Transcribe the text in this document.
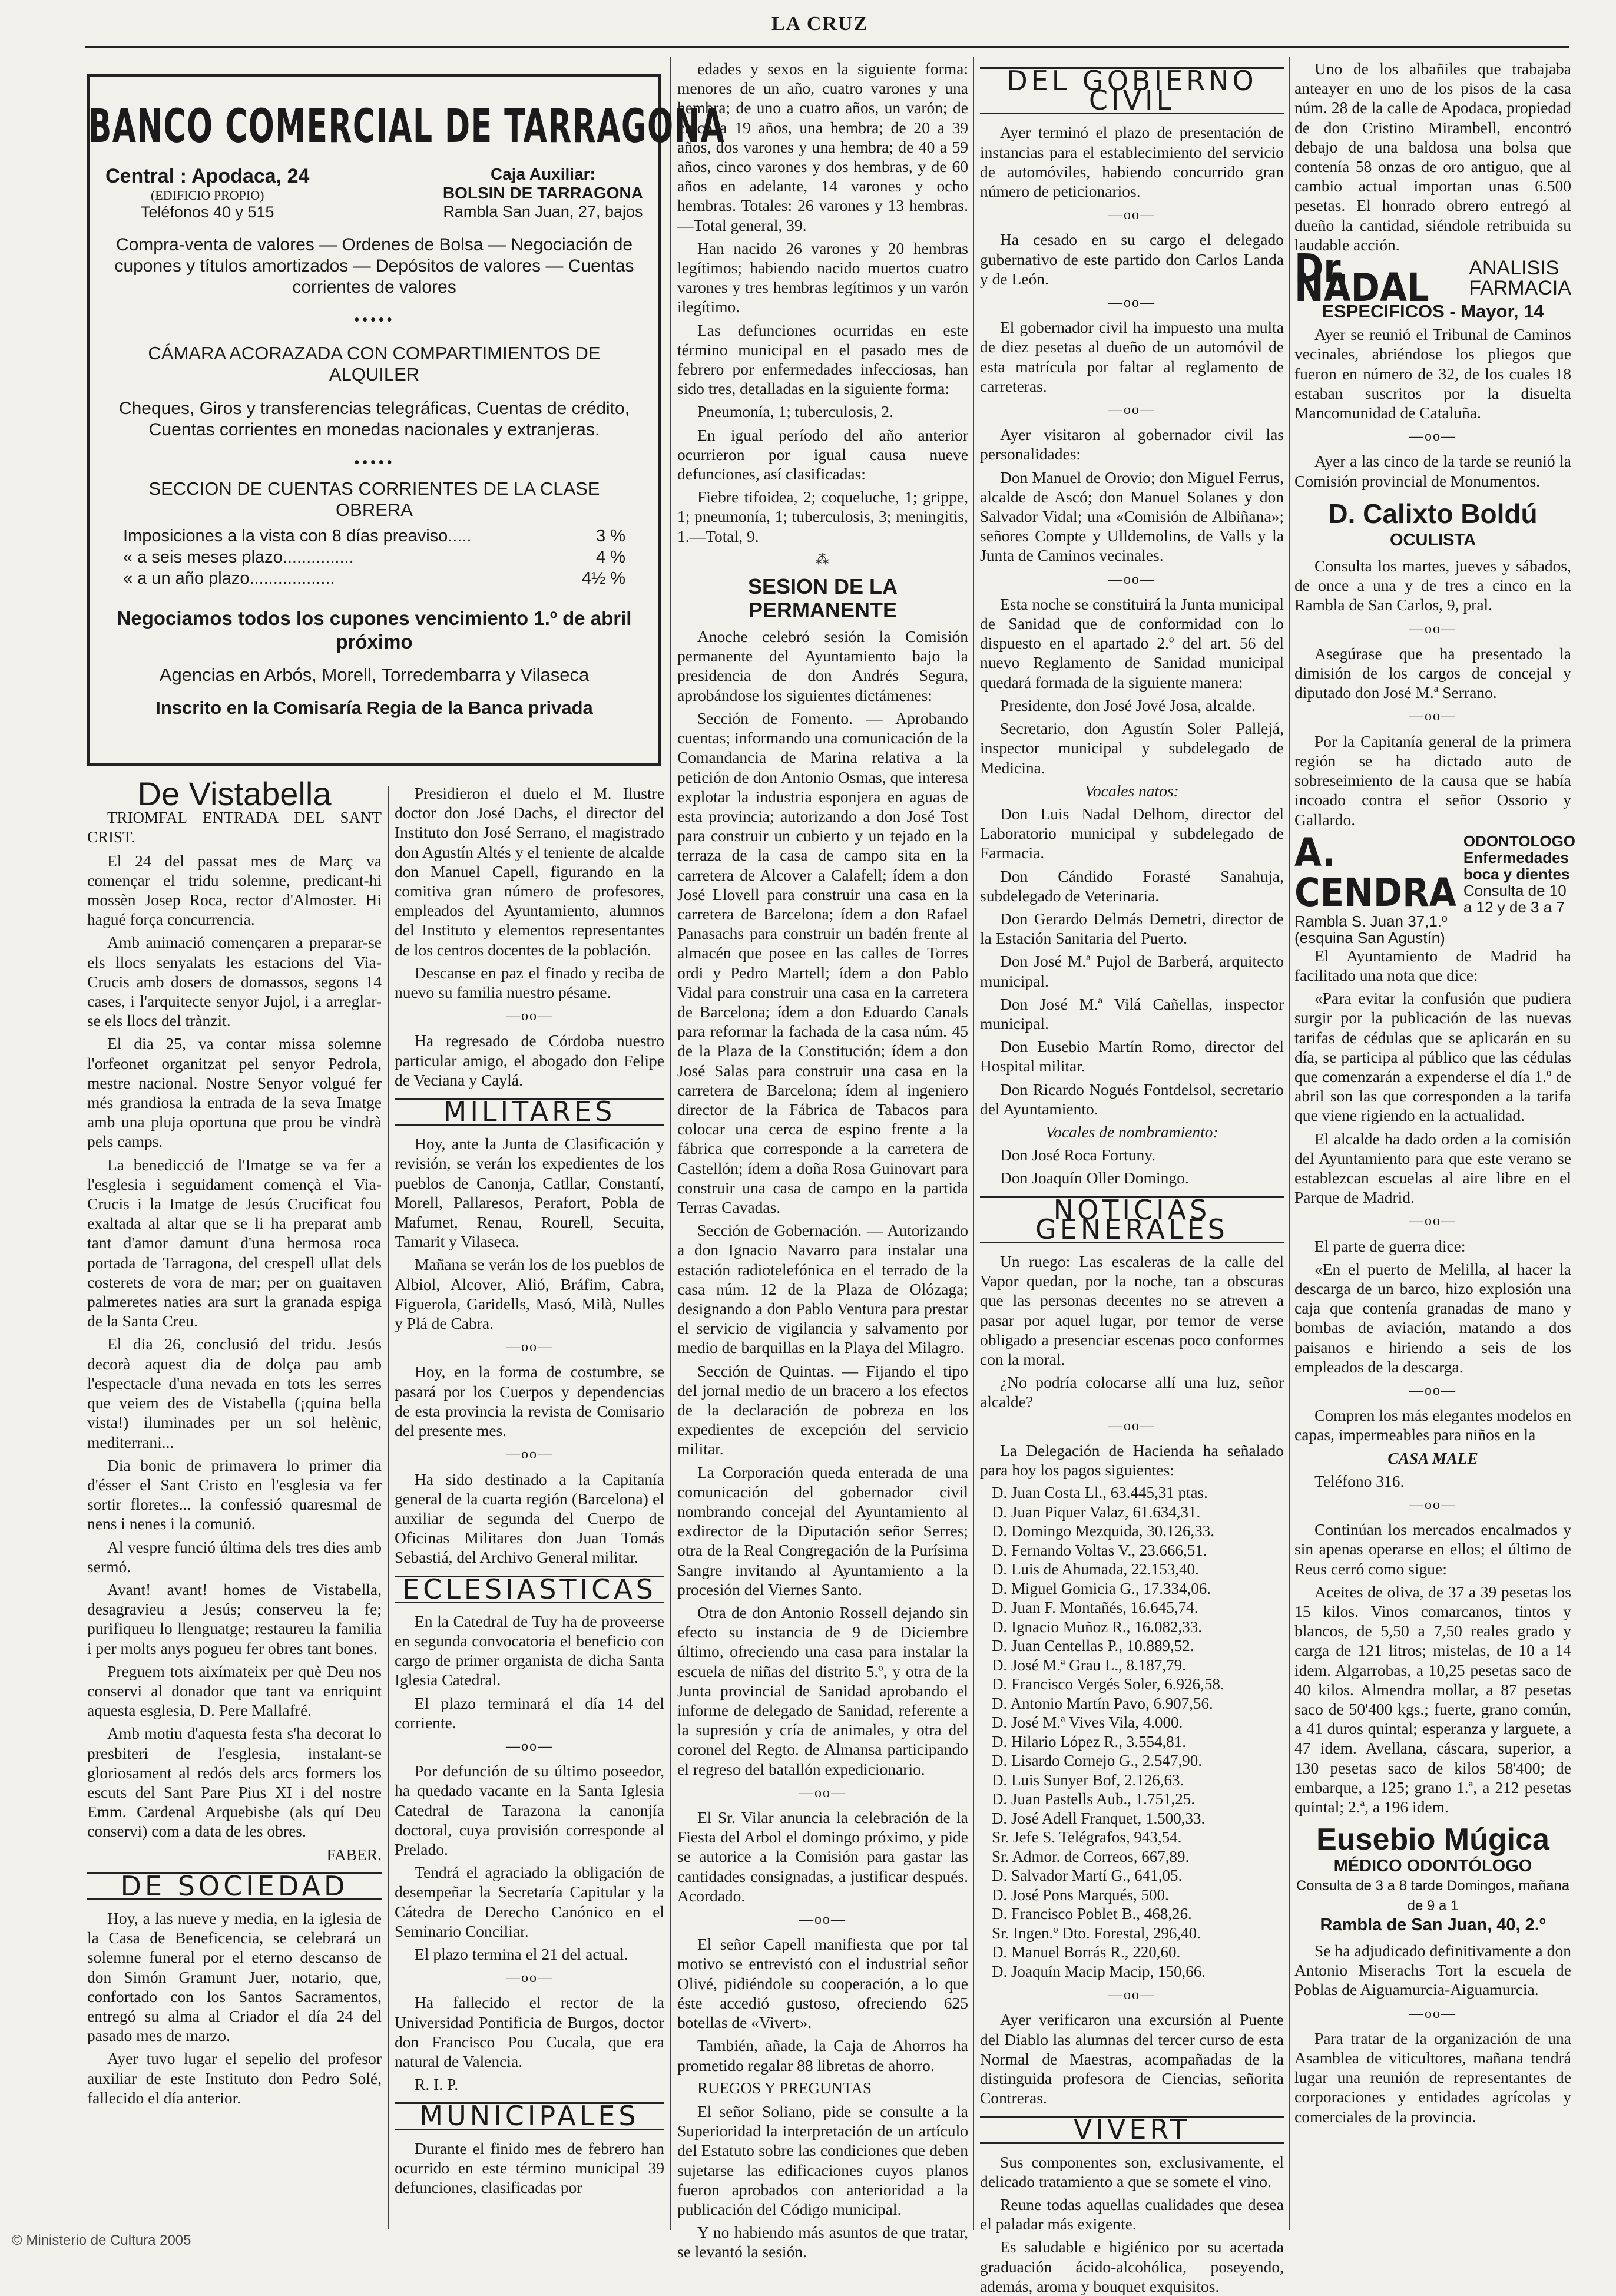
LA CRUZ
BANCO COMERCIAL DE TARRAGONA
Central : Apodaca, 24
(EDIFICIO PROPIO)
Teléfonos 40 y 515
Caja Auxiliar:
BOLSIN DE TARRAGONA
Rambla San Juan, 27, bajos
Compra-venta de valores — Ordenes de Bolsa — Negociación de cupones y títulos amortizados — Depósitos de valores — Cuentas corrientes de valores
•••••
CÁMARA ACORAZADA CON COMPARTIMIENTOS DE ALQUILER
Cheques, Giros y transferencias telegráficas, Cuentas de crédito, Cuentas corrientes en monedas nacionales y extranjeras.
•••••
SECCION DE CUENTAS CORRIENTES DE LA CLASE OBRERA
Imposiciones a la vista con 8 días preaviso.....	3 %
« a seis meses plazo...............	4 %
« a un año plazo..................	4½ %
Negociamos todos los cupones vencimiento 1.º de abril próximo
Agencias en Arbós, Morell, Torredembarra y Vilaseca
Inscrito en la Comisaría Regia de la Banca privada
De Vistabella

TRIOMFAL ENTRADA DEL SANT CRIST.

El 24 del passat mes de Març va començar el tridu solemne, predicant-hi mossèn Josep Roca, rector d'Almoster. Hi hagué força concurrencia.

Amb animació començaren a preparar-se els llocs senyalats les estacions del Via-Crucis amb dosers de domassos, segons 14 cases, i l'arquitecte senyor Jujol, i a arreglar-se els llocs del trànzit.

El dia 25, va contar missa solemne l'orfeonet organitzat pel senyor Pedrola, mestre nacional. Nostre Senyor volgué fer més grandiosa la entrada de la seva Imatge amb una pluja oportuna que prou be vindrà pels camps.

La benedicció de l'Imatge se va fer a l'esglesia i seguidament començà el Via-Crucis i la Imatge de Jesús Crucificat fou exaltada al altar que se li ha preparat amb tant d'amor damunt d'una hermosa roca portada de Tarragona, del crespell ullat dels costerets de vora de mar; per on guaitaven palmeretes naties ara surt la granada espiga de la Santa Creu.

El dia 26, conclusió del tridu. Jesús decorà aquest dia de dolça pau amb l'espectacle d'una nevada en tots les serres que veiem des de Vistabella (¡quina bella vista!) iluminades per un sol helènic, mediterrani...

Dia bonic de primavera lo primer dia d'ésser el Sant Cristo en l'esglesia va fer sortir floretes... la confessió quaresmal de nens i nenes i la comunió.

Al vespre funció última dels tres dies amb sermó.

Avant! avant! homes de Vistabella, desagravieu a Jesús; conserveu la fe; purifiqueu lo llenguatge; restaureu la familia i per molts anys pogueu fer obres tant bones.

Preguem tots aixímateix per què Deu nos conservi al donador que tant va enriquint aquesta esglesia, D. Pere Mallafré.

Amb motiu d'aquesta festa s'ha decorat lo presbiteri de l'esglesia, instalant-se gloriosament al redós dels arcs formers los escuts del Sant Pare Pius XI i del nostre Emm. Cardenal Arquebisbe (als quí Deu conservi) com a data de les obres.

FABER.

DE SOCIEDAD

Hoy, a las nueve y media, en la iglesia de la Casa de Beneficencia, se celebrará un solemne funeral por el eterno descanso de don Simón Gramunt Juer, notario, que, confortado con los Santos Sacramentos, entregó su alma al Criador el día 24 del pasado mes de marzo.

Ayer tuvo lugar el sepelio del profesor auxiliar de este Instituto don Pedro Solé, fallecido el día anterior.

Presidieron el duelo el M. Ilustre doctor don José Dachs, el director del Instituto don José Serrano, el magistrado don Agustín Altés y el teniente de alcalde don Manuel Capell, figurando en la comitiva gran número de profesores, empleados del Ayuntamiento, alumnos del Instituto y elementos representantes de los centros docentes de la población.

Descanse en paz el finado y reciba de nuevo su familia nuestro pésame.

—oo—

Ha regresado de Córdoba nuestro particular amigo, el abogado don Felipe de Veciana y Caylá.

MILITARES

Hoy, ante la Junta de Clasificación y revisión, se verán los expedientes de los pueblos de Canonja, Catllar, Constantí, Morell, Pallaresos, Perafort, Pobla de Mafumet, Renau, Rourell, Secuita, Tamarit y Vilaseca.

Mañana se verán los de los pueblos de Albiol, Alcover, Alió, Bráfim, Cabra, Figuerola, Garidells, Masó, Milà, Nulles y Plá de Cabra.

—oo—

Hoy, en la forma de costumbre, se pasará por los Cuerpos y dependencias de esta provincia la revista de Comisario del presente mes.

—oo—

Ha sido destinado a la Capitanía general de la cuarta región (Barcelona) el auxiliar de segunda del Cuerpo de Oficinas Militares don Juan Tomás Sebastiá, del Archivo General militar.

ECLESIASTICAS

En la Catedral de Tuy ha de proveerse en segunda convocatoria el beneficio con cargo de primer organista de dicha Santa Iglesia Catedral.

El plazo terminará el día 14 del corriente.

—oo—

Por defunción de su último poseedor, ha quedado vacante en la Santa Iglesia Catedral de Tarazona la canonjía doctoral, cuya provisión corresponde al Prelado.

Tendrá el agraciado la obligación de desempeñar la Secretaría Capitular y la Cátedra de Derecho Canónico en el Seminario Conciliar.

El plazo termina el 21 del actual.

—oo—

Ha fallecido el rector de la Universidad Pontificia de Burgos, doctor don Francisco Pou Cucala, que era natural de Valencia.

R. I. P.

MUNICIPALES

Durante el finido mes de febrero han ocurrido en este término municipal 39 defunciones, clasificadas por

edades y sexos en la siguiente forma: menores de un año, cuatro varones y una hembra; de uno a cuatro años, un varón; de cinco a 19 años, una hembra; de 20 a 39 años, dos varones y una hembra; de 40 a 59 años, cinco varones y dos hembras, y de 60 años en adelante, 14 varones y ocho hembras. Totales: 26 varones y 13 hembras.—Total general, 39.

Han nacido 26 varones y 20 hembras legítimos; habiendo nacido muertos cuatro varones y tres hembras legítimos y un varón ilegítimo.

Las defunciones ocurridas en este término municipal en el pasado mes de febrero por enfermedades infecciosas, han sido tres, detalladas en la siguiente forma:

Pneumonía, 1; tuberculosis, 2.

En igual período del año anterior ocurrieron por igual causa nueve defunciones, así clasificadas:

Fiebre tifoidea, 2; coqueluche, 1; grippe, 1; pneumonía, 1; tuberculosis, 3; meningitis, 1.—Total, 9.

⁂
SESION DE LA PERMANENTE

Anoche celebró sesión la Comisión permanente del Ayuntamiento bajo la presidencia de don Andrés Segura, aprobándose los siguientes dictámenes:

Sección de Fomento. — Aprobando cuentas; informando una comunicación de la Comandancia de Marina relativa a la petición de don Antonio Osmas, que interesa explotar la industria esponjera en aguas de esta provincia; autorizando a don José Tost para construir un cubierto y un tejado en la terraza de la casa de campo sita en la carretera de Alcover a Calafell; ídem a don José Llovell para construir una casa en la carretera de Barcelona; ídem a don Rafael Panasachs para construir un badén frente al almacén que posee en las calles de Torres ordi y Pedro Martell; ídem a don Pablo Vidal para construir una casa en la carretera de Barcelona; ídem a don Eduardo Canals para reformar la fachada de la casa núm. 45 de la Plaza de la Constitución; ídem a don José Salas para construir una casa en la carretera de Barcelona; ídem al ingeniero director de la Fábrica de Tabacos para colocar una cerca de espino frente a la fábrica que corresponde a la carretera de Castellón; ídem a doña Rosa Guinovart para construir una casa de campo en la partida Terras Cavadas.

Sección de Gobernación. — Autorizando a don Ignacio Navarro para instalar una estación radiotelefónica en el terrado de la casa núm. 12 de la Plaza de Olózaga; designando a don Pablo Ventura para prestar el servicio de vigilancia y salvamento por medio de barquillas en la Playa del Milagro.

Sección de Quintas. — Fijando el tipo del jornal medio de un bracero a los efectos de la declaración de pobreza en los expedientes de excepción del servicio militar.

La Corporación queda enterada de una comunicación del gobernador civil nombrando concejal del Ayuntamiento al exdirector de la Diputación señor Serres; otra de la Real Congregación de la Purísima Sangre invitando al Ayuntamiento a la procesión del Viernes Santo.

Otra de don Antonio Rossell dejando sin efecto su instancia de 9 de Diciembre último, ofreciendo una casa para instalar la escuela de niñas del distrito 5.º, y otra de la Junta provincial de Sanidad aprobando el informe de delegado de Sanidad, referente a la supresión y cría de animales, y otra del coronel del Regto. de Almansa participando el regreso del batallón expedicionario.

—oo—

El Sr. Vilar anuncia la celebración de la Fiesta del Arbol el domingo próximo, y pide se autorice a la Comisión para gastar las cantidades consignadas, a justificar después. Acordado.

—oo—

El señor Capell manifiesta que por tal motivo se entrevistó con el industrial señor Olivé, pidiéndole su cooperación, a lo que éste accedió gustoso, ofreciendo 625 botellas de «Vivert».

También, añade, la Caja de Ahorros ha prometido regalar 88 libretas de ahorro.

RUEGOS Y PREGUNTAS

El señor Soliano, pide se consulte a la Superioridad la interpretación de un artículo del Estatuto sobre las condiciones que deben sujetarse las edificaciones cuyos planos fueron aprobados con anterioridad a la publicación del Código municipal.

Y no habiendo más asuntos de que tratar, se levantó la sesión.

DEL GOBIERNO CIVIL

Ayer terminó el plazo de presentación de instancias para el establecimiento del servicio de automóviles, habiendo concurrido gran número de peticionarios.

—oo—

Ha cesado en su cargo el delegado gubernativo de este partido don Carlos Landa y de León.

—oo—

El gobernador civil ha impuesto una multa de diez pesetas al dueño de un automóvil de esta matrícula por faltar al reglamento de carreteras.

—oo—

Ayer visitaron al gobernador civil las personalidades:

Don Manuel de Orovio; don Miguel Ferrus, alcalde de Ascó; don Manuel Solanes y don Salvador Vidal; una «Comisión de Albiñana»; señores Compte y Ulldemolins, de Valls y la Junta de Caminos vecinales.

—oo—

Esta noche se constituirá la Junta municipal de Sanidad que de conformidad con lo dispuesto en el apartado 2.º del art. 56 del nuevo Reglamento de Sanidad municipal quedará formada de la siguiente manera:

Presidente, don José Jové Josa, alcalde.

Secretario, don Agustín Soler Pallejá, inspector municipal y subdelegado de Medicina.

Vocales natos:

Don Luis Nadal Delhom, director del Laboratorio municipal y subdelegado de Farmacia.

Don Cándido Forasté Sanahuja, subdelegado de Veterinaria.

Don Gerardo Delmás Demetri, director de la Estación Sanitaria del Puerto.

Don José M.ª Pujol de Barberá, arquitecto municipal.

Don José M.ª Vilá Cañellas, inspector municipal.

Don Eusebio Martín Romo, director del Hospital militar.

Don Ricardo Nogués Fontdelsol, secretario del Ayuntamiento.

Vocales de nombramiento:

Don José Roca Fortuny.

Don Joaquín Oller Domingo.

NOTICIAS GENERALES

Un ruego: Las escaleras de la calle del Vapor quedan, por la noche, tan a obscuras que las personas decentes no se atreven a pasar por aquel lugar, por temor de verse obligado a presenciar escenas poco conformes con la moral.

¿No podría colocarse allí una luz, señor alcalde?

—oo—

La Delegación de Hacienda ha señalado para hoy los pagos siguientes:

D. Juan Costa Ll., 63.445,31 ptas.
D. Juan Piquer Valaz, 61.634,31.
D. Domingo Mezquida, 30.126,33.
D. Fernando Voltas V., 23.666,51.
D. Luis de Ahumada, 22.153,40.
D. Miguel Gomicia G., 17.334,06.
D. Juan F. Montañés, 16.645,74.
D. Ignacio Muñoz R., 16.082,33.
D. Juan Centellas P., 10.889,52.
D. José M.ª Grau L., 8.187,79.
D. Francisco Vergés Soler, 6.926,58.
D. Antonio Martín Pavo, 6.907,56.
D. José M.ª Vives Vila, 4.000.
D. Hilario López R., 3.554,81.
D. Lisardo Cornejo G., 2.547,90.
D. Luis Sunyer Bof, 2.126,63.
D. Juan Pastells Aub., 1.751,25.
D. José Adell Franquet, 1.500,33.
Sr. Jefe S. Telégrafos, 943,54.
Sr. Admor. de Correos, 667,89.
D. Salvador Martí G., 641,05.
D. José Pons Marqués, 500.
D. Francisco Poblet B., 468,26.
Sr. Ingen.º Dto. Forestal, 296,40.
D. Manuel Borrás R., 220,60.
D. Joaquín Macip Macip, 150,66.
—oo—

Ayer verificaron una excursión al Puente del Diablo las alumnas del tercer curso de esta Normal de Maestras, acompañadas de la distinguida profesora de Ciencias, señorita Contreras.

VIVERT

Sus componentes son, exclusivamente, el delicado tratamiento a que se somete el vino.

Reune todas aquellas cualidades que desea el paladar más exigente.

Es saludable e higiénico por su acertada graduación ácido-alcohólica, poseyendo, además, aroma y bouquet exquisitos.

Uno de los albañiles que trabajaba anteayer en uno de los pisos de la casa núm. 28 de la calle de Apodaca, propiedad de don Cristino Mirambell, encontró debajo de una baldosa una bolsa que contenía 58 onzas de oro antiguo, que al cambio actual importan unas 6.500 pesetas. El honrado obrero entregó al dueño la cantidad, siéndole retribuida su laudable acción.

Dr. NADAL	ANALISIS
FARMACIA

ESPECIFICOS - Mayor, 14

Ayer se reunió el Tribunal de Caminos vecinales, abriéndose los pliegos que fueron en número de 32, de los cuales 18 estaban suscritos por la disuelta Mancomunidad de Cataluña.

—oo—

Ayer a las cinco de la tarde se reunió la Comisión provincial de Monumentos.

D. Calixto Boldú
OCULISTA

Consulta los martes, jueves y sábados, de once a una y de tres a cinco en la Rambla de San Carlos, 9, pral.

—oo—

Asegúrase que ha presentado la dimisión de los cargos de concejal y diputado don José M.ª Serrano.

—oo—

Por la Capitanía general de la primera región se ha dictado auto de sobreseimiento de la causa que se había incoado contra el señor Ossorio y Gallardo.

A. CENDRA
Rambla S. Juan 37,1.º (esquina San Agustín)
ODONTOLOGO
Enfermedades boca y dientes
Consulta de 10 a 12 y de 3 a 7

El Ayuntamiento de Madrid ha facilitado una nota que dice:

«Para evitar la confusión que pudiera surgir por la publicación de las nuevas tarifas de cédulas que se aplicarán en su día, se participa al público que las cédulas que comenzarán a expenderse el día 1.º de abril son las que corresponden a la tarifa que viene rigiendo en la actualidad.

El alcalde ha dado orden a la comisión del Ayuntamiento para que este verano se establezcan escuelas al aire libre en el Parque de Madrid.

—oo—

El parte de guerra dice:

«En el puerto de Melilla, al hacer la descarga de un barco, hizo explosión una caja que contenía granadas de mano y bombas de aviación, matando a dos paisanos e hiriendo a seis de los empleados de la descarga.

—oo—

Compren los más elegantes modelos en capas, impermeables para niños en la

CASA MALE

Teléfono 316.

—oo—

Continúan los mercados encalmados y sin apenas operarse en ellos; el último de Reus cerró como sigue:

Aceites de oliva, de 37 a 39 pesetas los 15 kilos. Vinos comarcanos, tintos y blancos, de 5,50 a 7,50 reales grado y carga de 121 litros; mistelas, de 10 a 14 idem. Algarrobas, a 10,25 pesetas saco de 40 kilos. Almendra mollar, a 87 pesetas saco de 50'400 kgs.; fuerte, grano común, a 41 duros quintal; esperanza y larguete, a 47 idem. Avellana, cáscara, superior, a 130 pesetas saco de kilos 58'400; de embarque, a 125; grano 1.ª, a 212 pesetas quintal; 2.ª, a 196 idem.

Eusebio Múgica
MÉDICO ODONTÓLOGO
Consulta de 3 a 8 tarde Domingos, mañana de 9 a 1
Rambla de San Juan, 40, 2.º

Se ha adjudicado definitivamente a don Antonio Miserachs Tort la escuela de Poblas de Aiguamurcia-Aiguamurcia.

—oo—

Para tratar de la organización de una Asamblea de viticultores, mañana tendrá lugar una reunión de representantes de corporaciones y entidades agrícolas y comerciales de la provincia.

© Ministerio de Cultura 2005
